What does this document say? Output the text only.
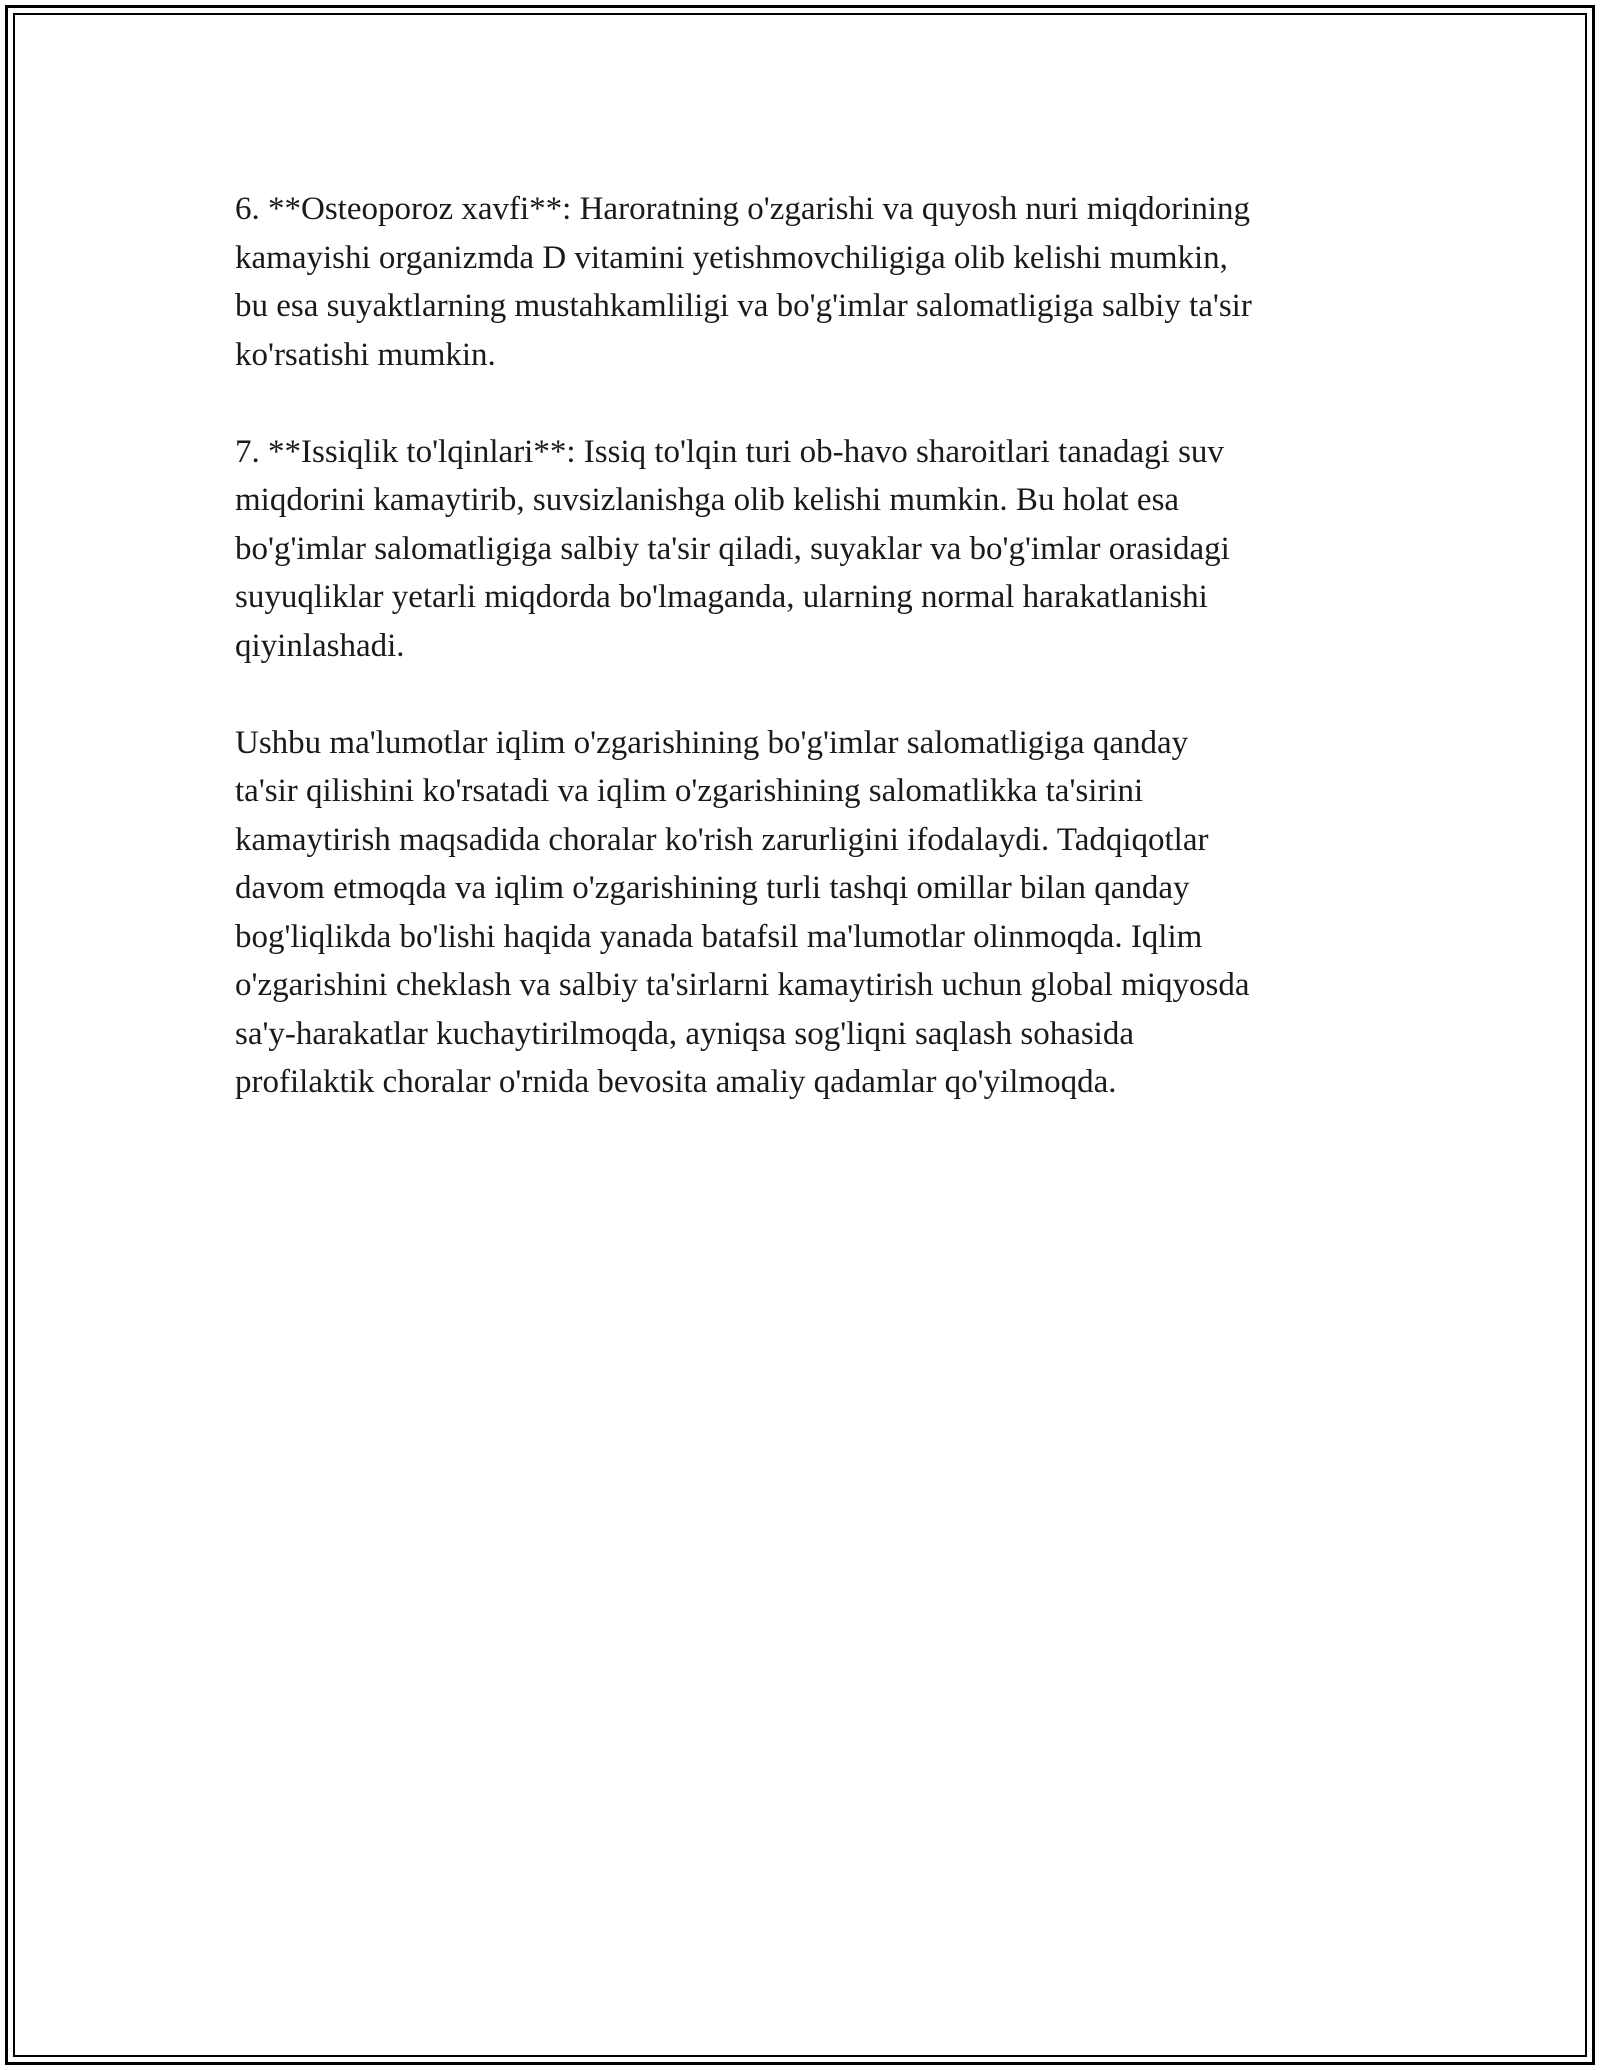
6. **Osteoporoz xavfi**: Haroratning o'zgarishi va quyosh nuri miqdorining
kamayishi organizmda D vitamini yetishmovchiligiga olib kelishi mumkin,
bu esa suyaktlarning mustahkamliligi va bo'g'imlar salomatligiga salbiy ta'sir
ko'rsatishi mumkin.

7. **Issiqlik to'lqinlari**: Issiq to'lqin turi ob-havo sharoitlari tanadagi suv
miqdorini kamaytirib, suvsizlanishga olib kelishi mumkin. Bu holat esa
bo'g'imlar salomatligiga salbiy ta'sir qiladi, suyaklar va bo'g'imlar orasidagi
suyuqliklar yetarli miqdorda bo'lmaganda, ularning normal harakatlanishi
qiyinlashadi.

Ushbu ma'lumotlar iqlim o'zgarishining bo'g'imlar salomatligiga qanday
ta'sir qilishini ko'rsatadi va iqlim o'zgarishining salomatlikka ta'sirini
kamaytirish maqsadida choralar ko'rish zarurligini ifodalaydi. Tadqiqotlar
davom etmoqda va iqlim o'zgarishining turli tashqi omillar bilan qanday
bog'liqlikda bo'lishi haqida yanada batafsil ma'lumotlar olinmoqda. Iqlim
o'zgarishini cheklash va salbiy ta'sirlarni kamaytirish uchun global miqyosda
sa'y-harakatlar kuchaytirilmoqda, ayniqsa sog'liqni saqlash sohasida
profilaktik choralar o'rnida bevosita amaliy qadamlar qo'yilmoqda.
